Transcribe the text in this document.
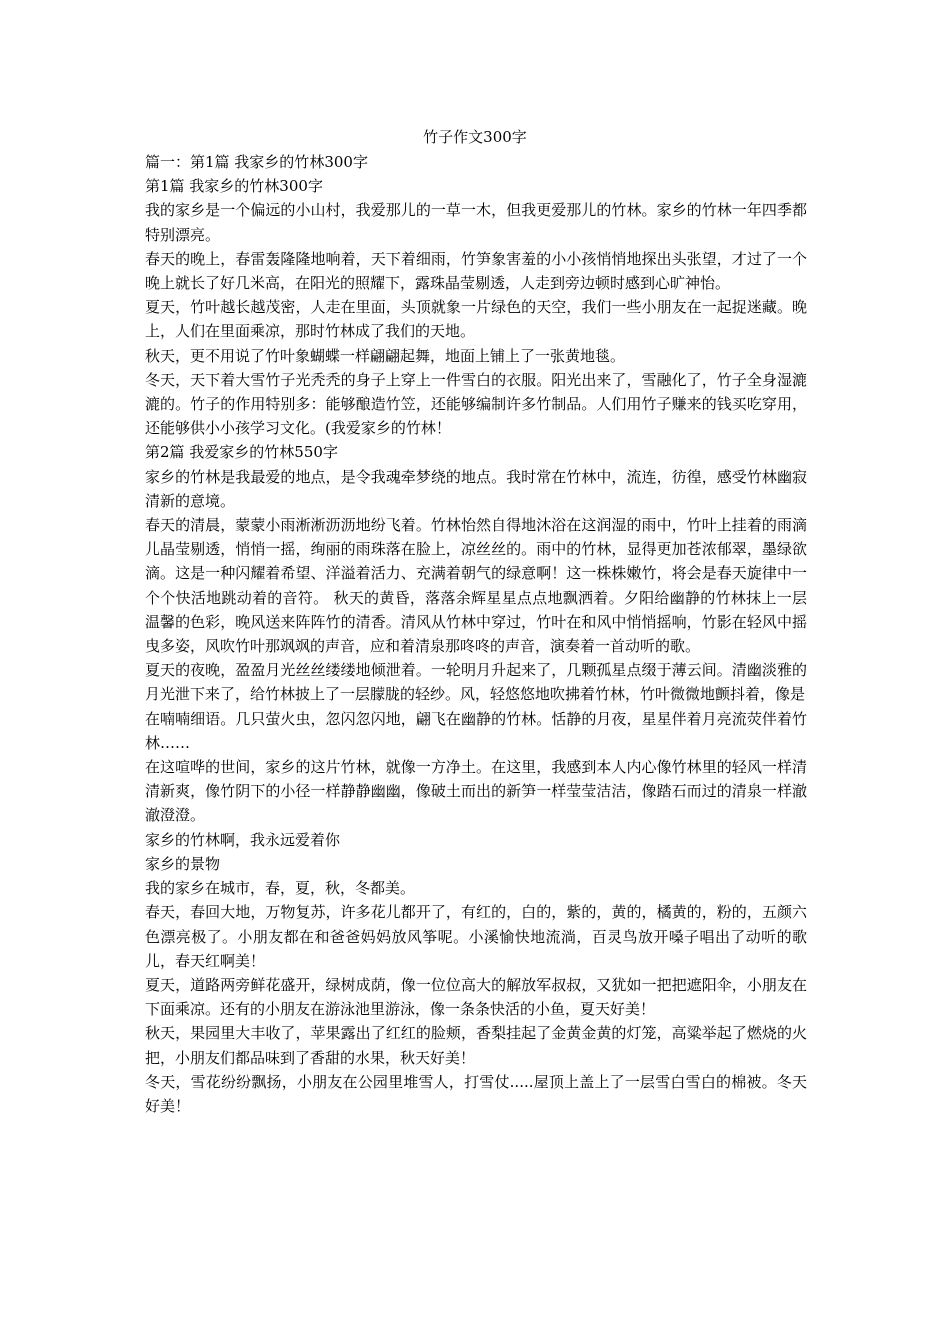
竹子作文300字

篇一：第1篇 我家乡的竹林300字

第1篇 我家乡的竹林300字

我的家乡是一个偏远的小山村，我爱那儿的一草一木，但我更爱那儿的竹林。家乡的竹林一年四季都特别漂亮。

春天的晚上，春雷轰隆隆地响着，天下着细雨，竹笋象害羞的小小孩悄悄地探出头张望，才过了一个晚上就长了好几米高，在阳光的照耀下，露珠晶莹剔透，人走到旁边顿时感到心旷神怡。

夏天，竹叶越长越茂密，人走在里面，头顶就象一片绿色的天空，我们一些小朋友在一起捉迷藏。晚上，人们在里面乘凉，那时竹林成了我们的天地。

秋天，更不用说了竹叶象蝴蝶一样翩翩起舞，地面上铺上了一张黄地毯。

冬天，天下着大雪竹子光秃秃的身子上穿上一件雪白的衣服。阳光出来了，雪融化了，竹子全身湿漉漉的。竹子的作用特别多：能够酿造竹笠，还能够编制许多竹制品。人们用竹子赚来的钱买吃穿用，还能够供小小孩学习文化。(我爱家乡的竹林！

第2篇 我爱家乡的竹林550字

家乡的竹林是我最爱的地点，是令我魂牵梦绕的地点。我时常在竹林中，流连，彷徨，感受竹林幽寂清新的意境。

春天的清晨，蒙蒙小雨淅淅沥沥地纷飞着。竹林怡然自得地沐浴在这润湿的雨中，竹叶上挂着的雨滴儿晶莹剔透，悄悄一摇，绚丽的雨珠落在脸上，凉丝丝的。雨中的竹林，显得更加苍浓郁翠，墨绿欲滴。这是一种闪耀着希望、洋溢着活力、充满着朝气的绿意啊！这一株株嫩竹，将会是春天旋律中一个个快活地跳动着的音符。 秋天的黄昏，落落余辉星星点点地飘洒着。夕阳给幽静的竹林抹上一层温馨的色彩，晚风送来阵阵竹的清香。清风从竹林中穿过，竹叶在和风中悄悄摇响，竹影在轻风中摇曳多姿，风吹竹叶那飒飒的声音，应和着清泉那咚咚的声音，演奏着一首动听的歌。

夏天的夜晚，盈盈月光丝丝缕缕地倾泄着。一轮明月升起来了，几颗孤星点缀于薄云间。清幽淡雅的月光泄下来了，给竹林披上了一层朦胧的轻纱。风，轻悠悠地吹拂着竹林，竹叶微微地颤抖着，像是

在喃喃细语。几只萤火虫，忽闪忽闪地，翩飞在幽静的竹林。恬静的月夜，星星伴着月亮流荧伴着竹林……

在这喧哗的世间，家乡的这片竹林，就像一方净土。在这里，我感到本人内心像竹林里的轻风一样清清新爽，像竹阴下的小径一样静静幽幽，像破土而出的新笋一样莹莹洁洁，像踏石而过的清泉一样澈澈澄澄。

家乡的竹林啊，我永远爱着你

家乡的景物

我的家乡在城市，春，夏，秋，冬都美。

春天，春回大地，万物复苏，许多花儿都开了，有红的，白的，紫的，黄的，橘黄的，粉的，五颜六色漂亮极了。小朋友都在和爸爸妈妈放风筝呢。小溪愉快地流淌，百灵鸟放开嗓子唱出了动听的歌儿，春天红啊美！

夏天，道路两旁鲜花盛开，绿树成荫，像一位位高大的解放军叔叔，又犹如一把把遮阳伞，小朋友在下面乘凉。还有的小朋友在游泳池里游泳，像一条条快活的小鱼，夏天好美！

秋天，果园里大丰收了，苹果露出了红红的脸颊，香梨挂起了金黄金黄的灯笼，高粱举起了燃烧的火把，小朋友们都品味到了香甜的水果，秋天好美！

冬天，雪花纷纷飘扬，小朋友在公园里堆雪人，打雪仗.....屋顶上盖上了一层雪白雪白的棉被。冬天好美！
